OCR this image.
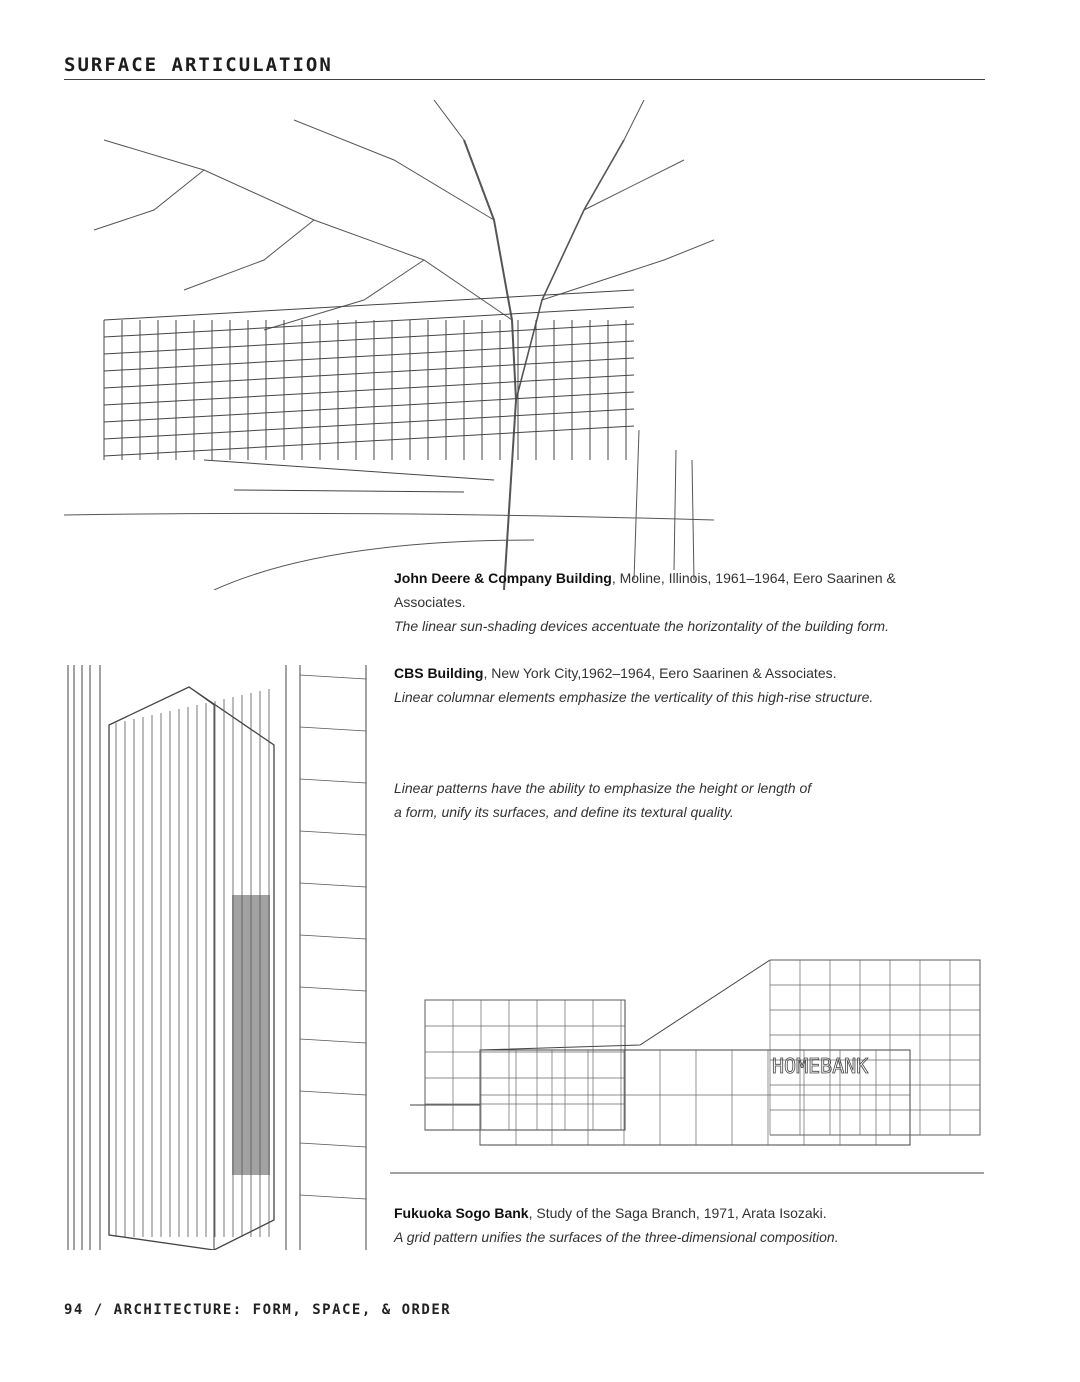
SURFACE ARTICULATION
John Deere & Company Building, Moline, Illinois, 1961–1964, Eero Saarinen & Associates.
The linear sun-shading devices accentuate the horizontality of the building form.
CBS Building, New York City,1962–1964, Eero Saarinen & Associates.
Linear columnar elements emphasize the verticality of this high-rise structure.
Linear patterns have the ability to emphasize the height or length of a form, unify its surfaces, and define its textural quality.
HOMEBANK
Fukuoka Sogo Bank, Study of the Saga Branch, 1971, Arata Isozaki.
A grid pattern unifies the surfaces of the three-dimensional composition.
94 / ARCHITECTURE: FORM, SPACE, & ORDER
